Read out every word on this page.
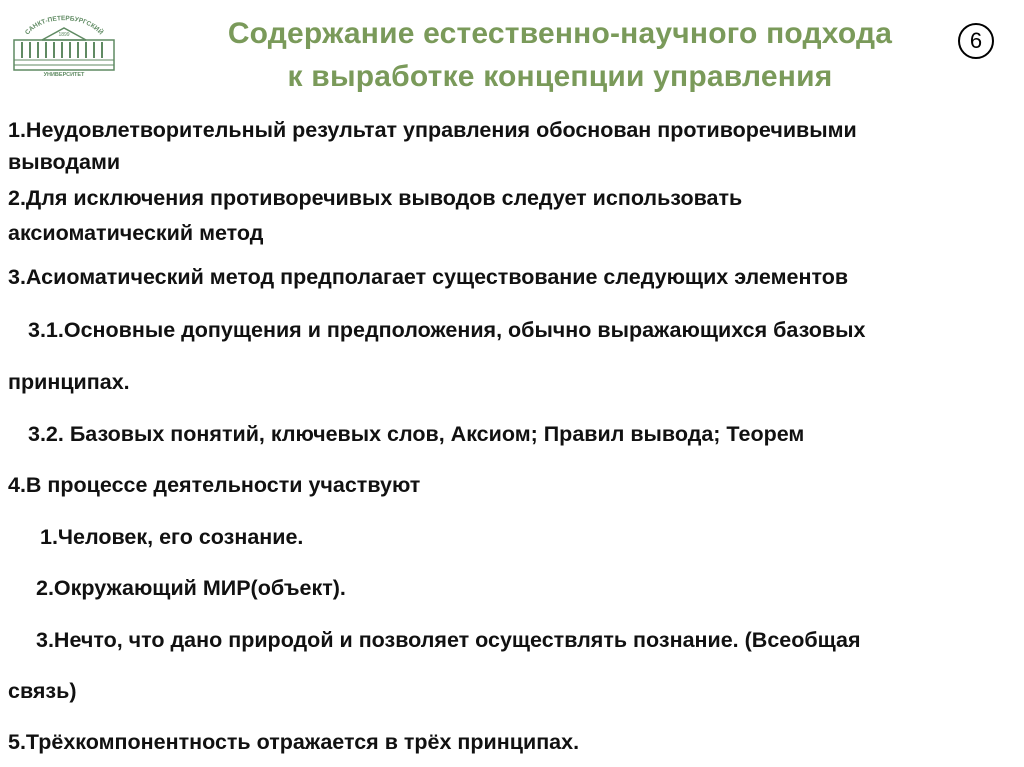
САНКТ-ПЕТЕРБУРГСКИЙ
1899
УНИВЕРСИТЕТ
Содержание естественно-научного подхода
к выработке концепции управления
6
1.Неудовлетворительный результат управления обоснован противоречивыми
выводами
2.Для исключения противоречивых выводов следует использовать
аксиоматический метод
3.Асиоматический метод предполагает существование следующих элементов
3.1.Основные допущения и предположения, обычно выражающихся базовых
принципах.
3.2. Базовых понятий, ключевых слов, Аксиом; Правил вывода; Теорем
4.В процессе деятельности участвуют
1.Человек, его сознание.
2.Окружающий МИР(объект).
3.Нечто, что дано природой и позволяет осуществлять познание. (Всеобщая
связь)
5.Трёхкомпонентность отражается в трёх принципах.
